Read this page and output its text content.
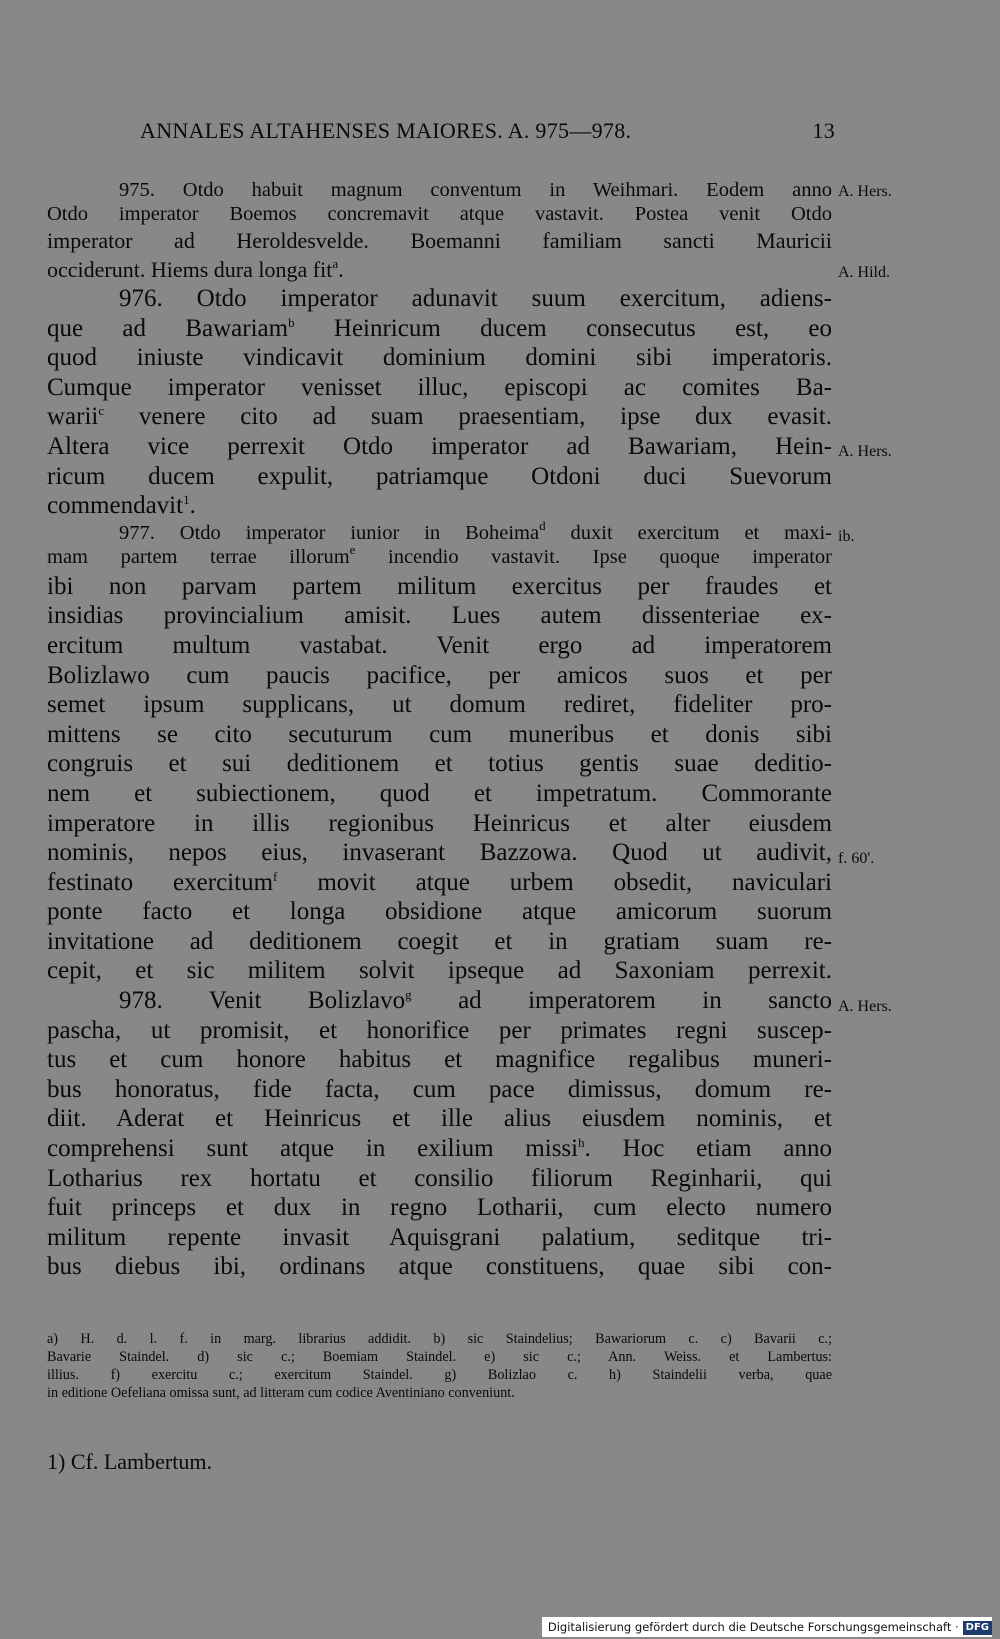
ANNALES ALTAHENSES MAIORES. A. 975—978.	13
A. Hers.
A. Hild.
A. Hers.
ib.
f. 60'.
A. Hers.
975. Otdo habuit magnum conventum in Weihmari. Eodem anno
Otdo imperator Boemos concremavit atque vastavit. Postea venit Otdo
imperator ad Heroldesvelde. Boemanni familiam sancti Mauricii
occiderunt. Hiems dura longa fit$^a$.
976. Otdo imperator adunavit suum exercitum, adiens-
que ad Bawariam$^b$ Heinricum ducem consecutus est, eo
quod iniuste vindicavit dominium domini sibi imperatoris.
Cumque imperator venisset illuc, episcopi ac comites Ba-
warii$^c$ venere cito ad suam praesentiam, ipse dux evasit.
Altera vice perrexit Otdo imperator ad Bawariam, Hein-
ricum ducem expulit, patriamque Otdoni duci Suevorum
commendavit$^1$.
977. Otdo imperator iunior in Boheima$^d$ duxit exercitum et maxi-
mam partem terrae illorum$^e$ incendio vastavit. Ipse quoque imperator
ibi non parvam partem militum exercitus per fraudes et
insidias provincialium amisit. Lues autem dissenteriae ex-
ercitum multum vastabat. Venit ergo ad imperatorem
Bolizlawo cum paucis pacifice, per amicos suos et per
semet ipsum supplicans, ut domum rediret, fideliter pro-
mittens se cito secuturum cum muneribus et donis sibi
congruis et sui deditionem et totius gentis suae deditio-
nem et subiectionem, quod et impetratum. Commorante
imperatore in illis regionibus Heinricus et alter eiusdem
nominis, nepos eius, invaserant Bazzowa. Quod ut audivit,
festinato exercitum$^f$ movit atque urbem obsedit, naviculari
ponte facto et longa obsidione atque amicorum suorum
invitatione ad deditionem coegit et in gratiam suam re-
cepit, et sic militem solvit ipseque ad Saxoniam perrexit.
978. Venit Bolizlavo$^g$ ad imperatorem in sancto
pascha, ut promisit, et honorifice per primates regni suscep-
tus et cum honore habitus et magnifice regalibus muneri-
bus honoratus, fide facta, cum pace dimissus, domum re-
diit. Aderat et Heinricus et ille alius eiusdem nominis, et
comprehensi sunt atque in exilium missi$^h$. Hoc etiam anno
Lotharius rex hortatu et consilio filiorum Reginharii, qui
fuit princeps et dux in regno Lotharii, cum electo numero
militum repente invasit Aquisgrani palatium, seditque tri-
bus diebus ibi, ordinans atque constituens, quae sibi con-
a) H. d. l. f. in marg. librarius addidit. b) sic Staindelius; Bawariorum c. c) Bavarii c.;
Bavarie Staindel. d) sic c.; Boemiam Staindel. e) sic c.; Ann. Weiss. et Lambertus:
illius. f) exercitu c.; exercitum Staindel. g) Bolizlao c. h) Staindelii verba, quae
in editione Oefeliana omissa sunt, ad litteram cum codice Aventiniano conveniunt.
1) Cf. Lambertum.
Digitalisierung gefördert durch die Deutsche Forschungsgemeinschaft · DFG
